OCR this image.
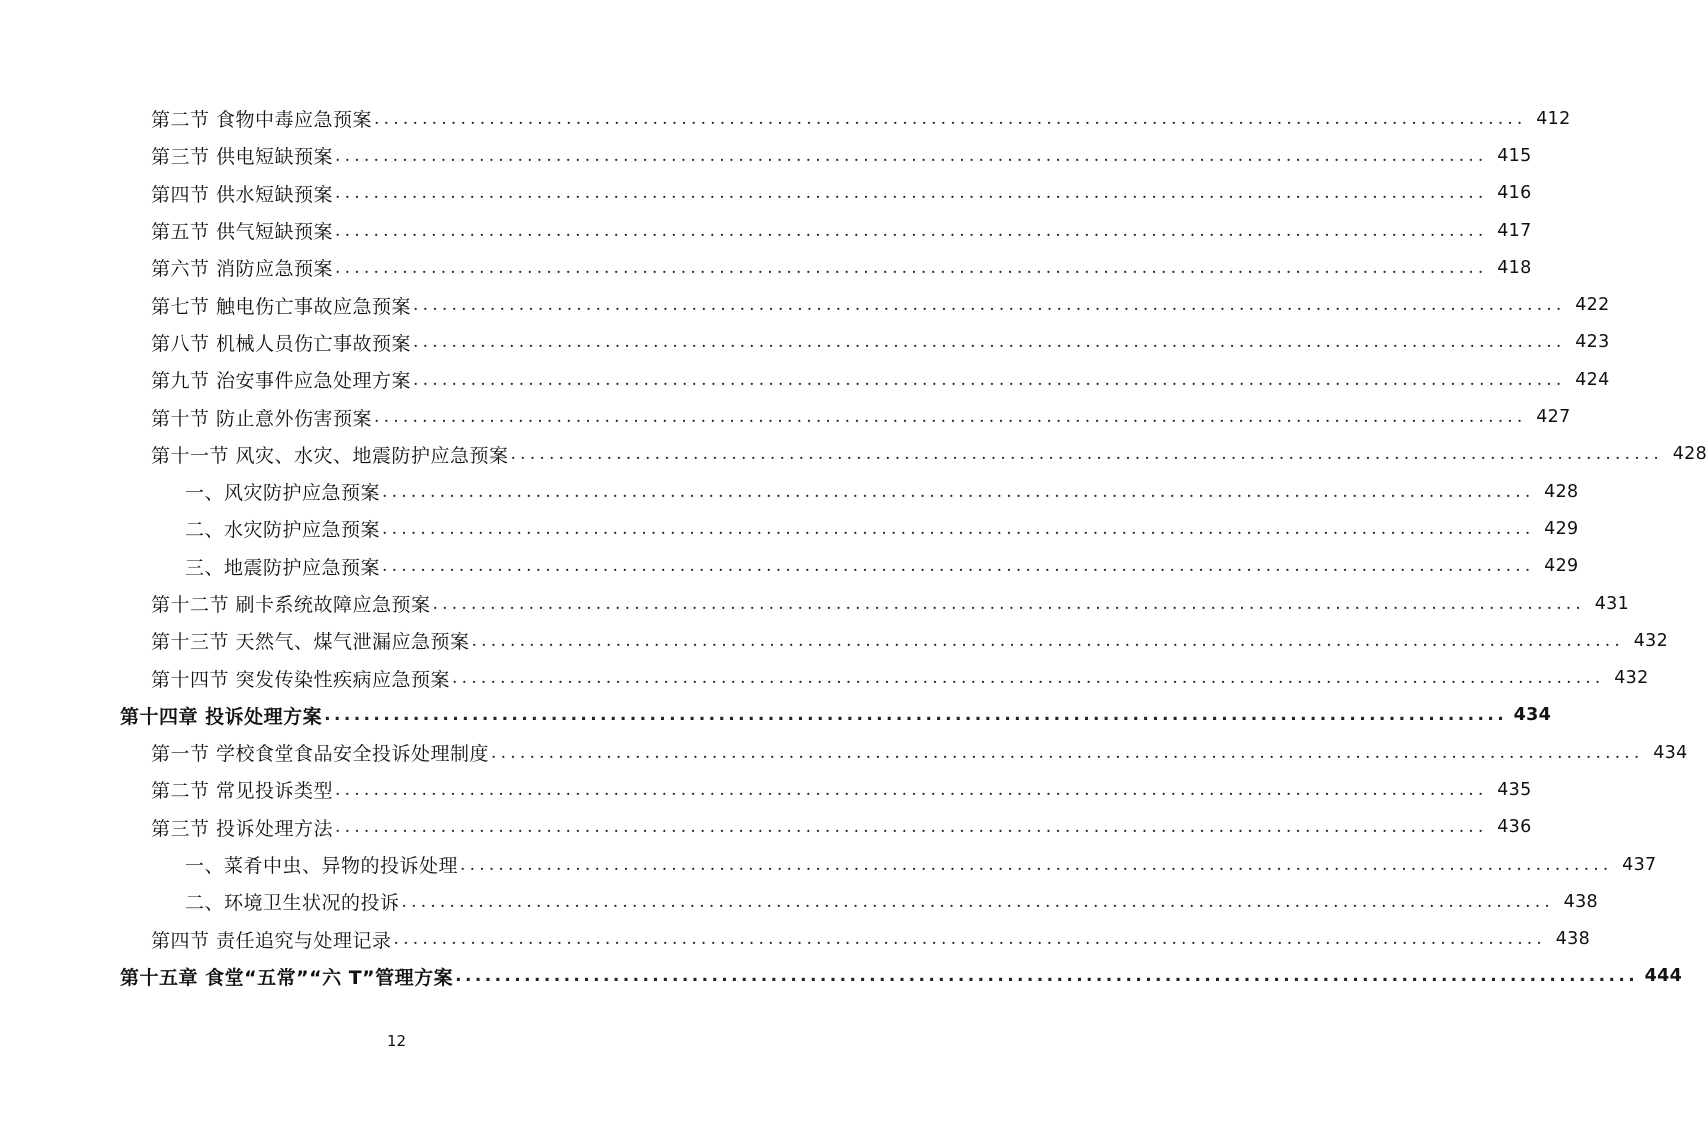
第二节 食物中毒应急预案 ........................................................................................................................ 412
第三节 供电短缺预案 ........................................................................................................................ 415
第四节 供水短缺预案 ........................................................................................................................ 416
第五节 供气短缺预案 ........................................................................................................................ 417
第六节 消防应急预案 ........................................................................................................................ 418
第七节 触电伤亡事故应急预案 ........................................................................................................................ 422
第八节 机械人员伤亡事故预案 ........................................................................................................................ 423
第九节 治安事件应急处理方案 ........................................................................................................................ 424
第十节 防止意外伤害预案 ........................................................................................................................ 427
第十一节 风灾、水灾、地震防护应急预案 ........................................................................................................................ 428
一、风灾防护应急预案 ........................................................................................................................ 428
二、水灾防护应急预案 ........................................................................................................................ 429
三、地震防护应急预案 ........................................................................................................................ 429
第十二节 刷卡系统故障应急预案 ........................................................................................................................ 431
第十三节 天然气、煤气泄漏应急预案 ........................................................................................................................ 432
第十四节 突发传染性疾病应急预案 ........................................................................................................................ 432
第十四章 投诉处理方案 ........................................................................................................................ 434
第一节 学校食堂食品安全投诉处理制度 ........................................................................................................................ 434
第二节 常见投诉类型 ........................................................................................................................ 435
第三节 投诉处理方法 ........................................................................................................................ 436
一、菜肴中虫、异物的投诉处理 ........................................................................................................................ 437
二、环境卫生状况的投诉 ........................................................................................................................ 438
第四节 责任追究与处理记录 ........................................................................................................................ 438
第十五章 食堂“五常”“六 T”管理方案 ........................................................................................................................ 444
12
